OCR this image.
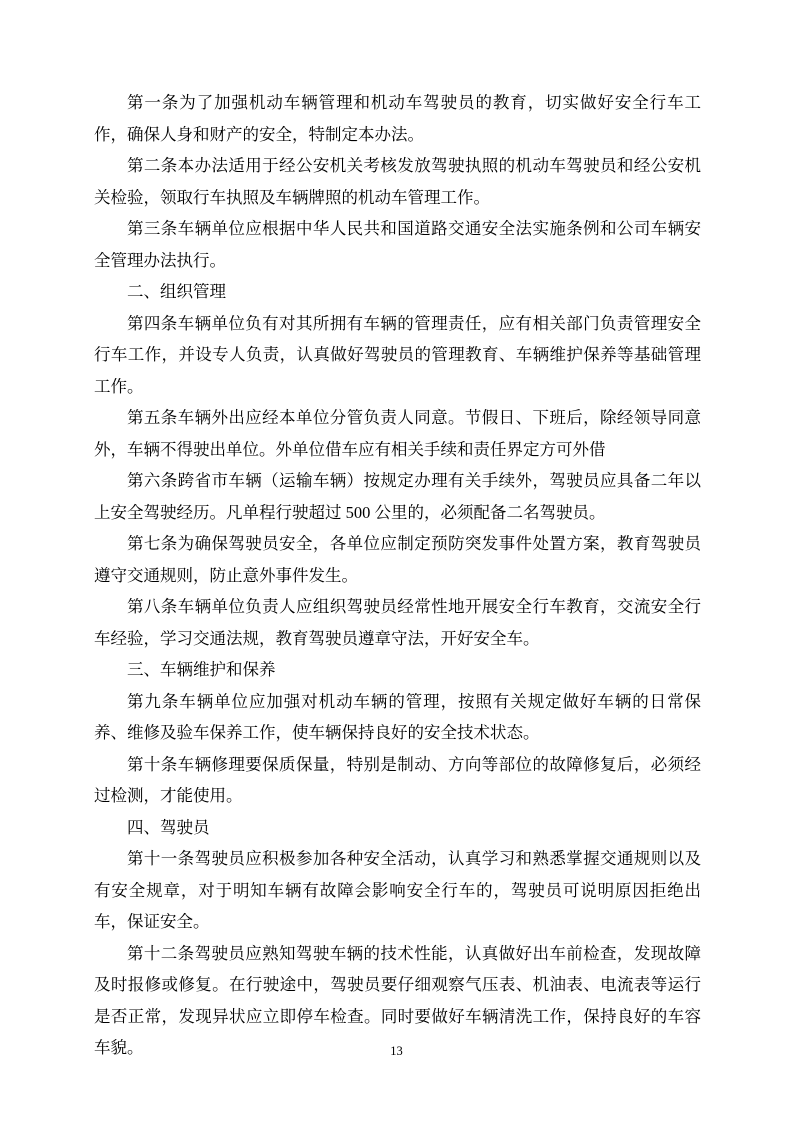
第一条为了加强机动车辆管理和机动车驾驶员的教育，切实做好安全行车工作，确保人身和财产的安全，特制定本办法。

第二条本办法适用于经公安机关考核发放驾驶执照的机动车驾驶员和经公安机关检验，领取行车执照及车辆牌照的机动车管理工作。

第三条车辆单位应根据中华人民共和国道路交通安全法实施条例和公司车辆安全管理办法执行。

二、组织管理

第四条车辆单位负有对其所拥有车辆的管理责任，应有相关部门负责管理安全行车工作，并设专人负责，认真做好驾驶员的管理教育、车辆维护保养等基础管理工作。

第五条车辆外出应经本单位分管负责人同意。节假日、下班后，除经领导同意外，车辆不得驶出单位。外单位借车应有相关手续和责任界定方可外借

第六条跨省市车辆（运输车辆）按规定办理有关手续外，驾驶员应具备二年以上安全驾驶经历。凡单程行驶超过 500 公里的，必须配备二名驾驶员。

第七条为确保驾驶员安全，各单位应制定预防突发事件处置方案，教育驾驶员遵守交通规则，防止意外事件发生。

第八条车辆单位负责人应组织驾驶员经常性地开展安全行车教育，交流安全行车经验，学习交通法规，教育驾驶员遵章守法，开好安全车。

三、车辆维护和保养

第九条车辆单位应加强对机动车辆的管理，按照有关规定做好车辆的日常保养、维修及验车保养工作，使车辆保持良好的安全技术状态。

第十条车辆修理要保质保量，特别是制动、方向等部位的故障修复后，必须经过检测，才能使用。

四、驾驶员

第十一条驾驶员应积极参加各种安全活动，认真学习和熟悉掌握交通规则以及有安全规章，对于明知车辆有故障会影响安全行车的，驾驶员可说明原因拒绝出车，保证安全。

第十二条驾驶员应熟知驾驶车辆的技术性能，认真做好出车前检查，发现故障及时报修或修复。在行驶途中，驾驶员要仔细观察气压表、机油表、电流表等运行是否正常，发现异状应立即停车检查。同时要做好车辆清洗工作，保持良好的车容车貌。	13
